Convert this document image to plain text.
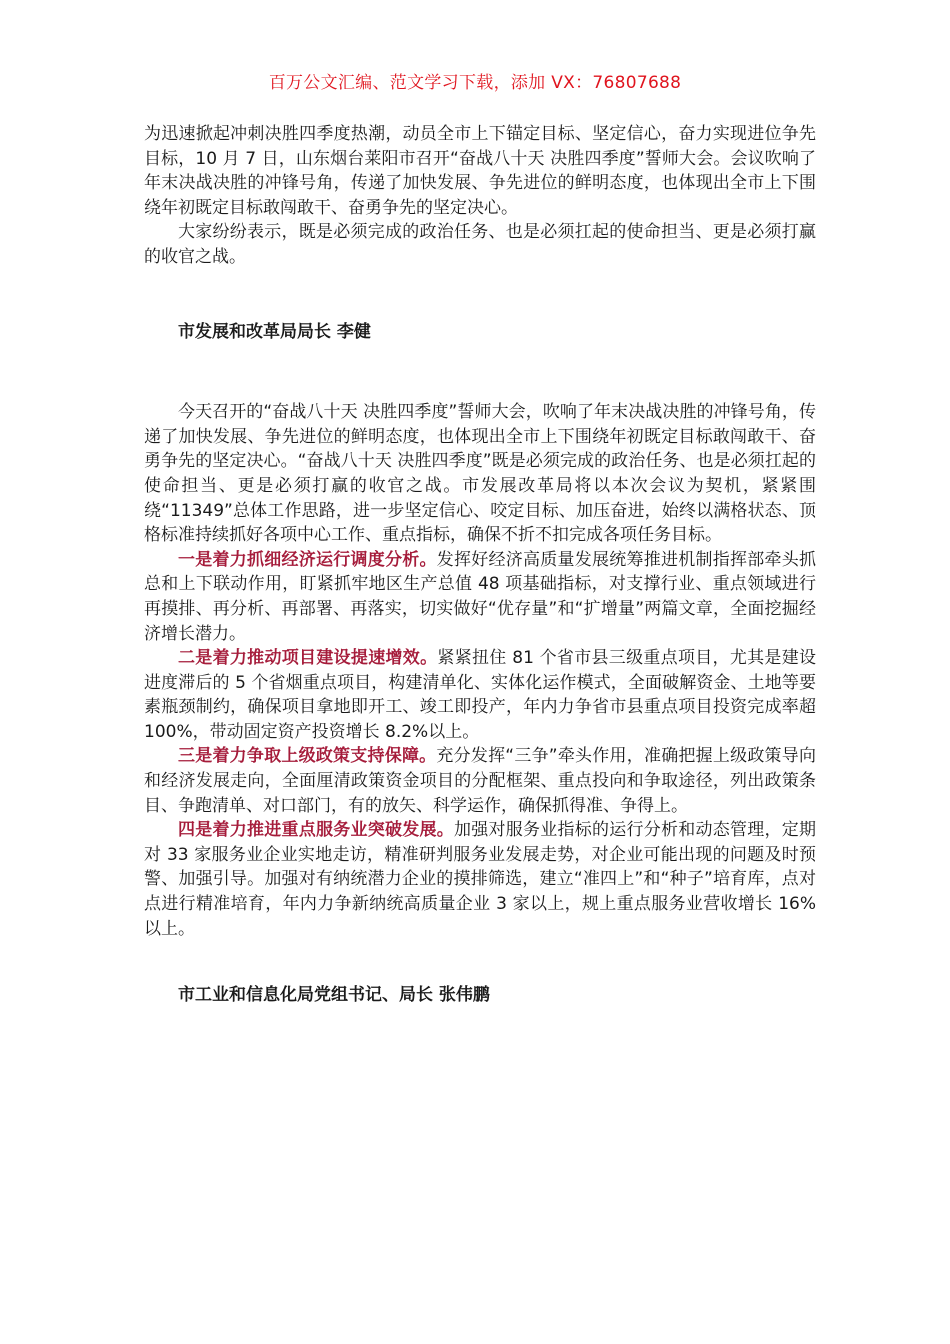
百万公文汇编、范文学习下载，添加 VX：76807688

为迅速掀起冲刺决胜四季度热潮，动员全市上下锚定目标、坚定信心，奋力实现进位争先目标，10 月 7 日，山东烟台莱阳市召开“奋战八十天 决胜四季度”誓师大会。会议吹响了年末决战决胜的冲锋号角，传递了加快发展、争先进位的鲜明态度，也体现出全市上下围绕年初既定目标敢闯敢干、奋勇争先的坚定决心。

大家纷纷表示，既是必须完成的政治任务、也是必须扛起的使命担当、更是必须打赢的收官之战。

市发展和改革局局长 李健

今天召开的“奋战八十天 决胜四季度”誓师大会，吹响了年末决战决胜的冲锋号角，传递了加快发展、争先进位的鲜明态度，也体现出全市上下围绕年初既定目标敢闯敢干、奋勇争先的坚定决心。“奋战八十天 决胜四季度”既是必须完成的政治任务、也是必须扛起的使命担当、更是必须打赢的收官之战。市发展改革局将以本次会议为契机，紧紧围绕“11349”总体工作思路，进一步坚定信心、咬定目标、加压奋进，始终以满格状态、顶格标准持续抓好各项中心工作、重点指标，确保不折不扣完成各项任务目标。

一是着力抓细经济运行调度分析。发挥好经济高质量发展统筹推进机制指挥部牵头抓总和上下联动作用，盯紧抓牢地区生产总值 48 项基础指标，对支撑行业、重点领域进行再摸排、再分析、再部署、再落实，切实做好“优存量”和“扩增量”两篇文章，全面挖掘经济增长潜力。

二是着力推动项目建设提速增效。紧紧扭住 81 个省市县三级重点项目，尤其是建设进度滞后的 5 个省烟重点项目，构建清单化、实体化运作模式，全面破解资金、土地等要素瓶颈制约，确保项目拿地即开工、竣工即投产，年内力争省市县重点项目投资完成率超 100%，带动固定资产投资增长 8.2%以上。

三是着力争取上级政策支持保障。充分发挥“三争”牵头作用，准确把握上级政策导向和经济发展走向，全面厘清政策资金项目的分配框架、重点投向和争取途径，列出政策条目、争跑清单、对口部门，有的放矢、科学运作，确保抓得准、争得上。

四是着力推进重点服务业突破发展。加强对服务业指标的运行分析和动态管理，定期对 33 家服务业企业实地走访，精准研判服务业发展走势，对企业可能出现的问题及时预警、加强引导。加强对有纳统潜力企业的摸排筛选，建立“准四上”和“种子”培育库，点对点进行精准培育，年内力争新纳统高质量企业 3 家以上，规上重点服务业营收增长 16%以上。

市工业和信息化局党组书记、局长 张伟鹏
